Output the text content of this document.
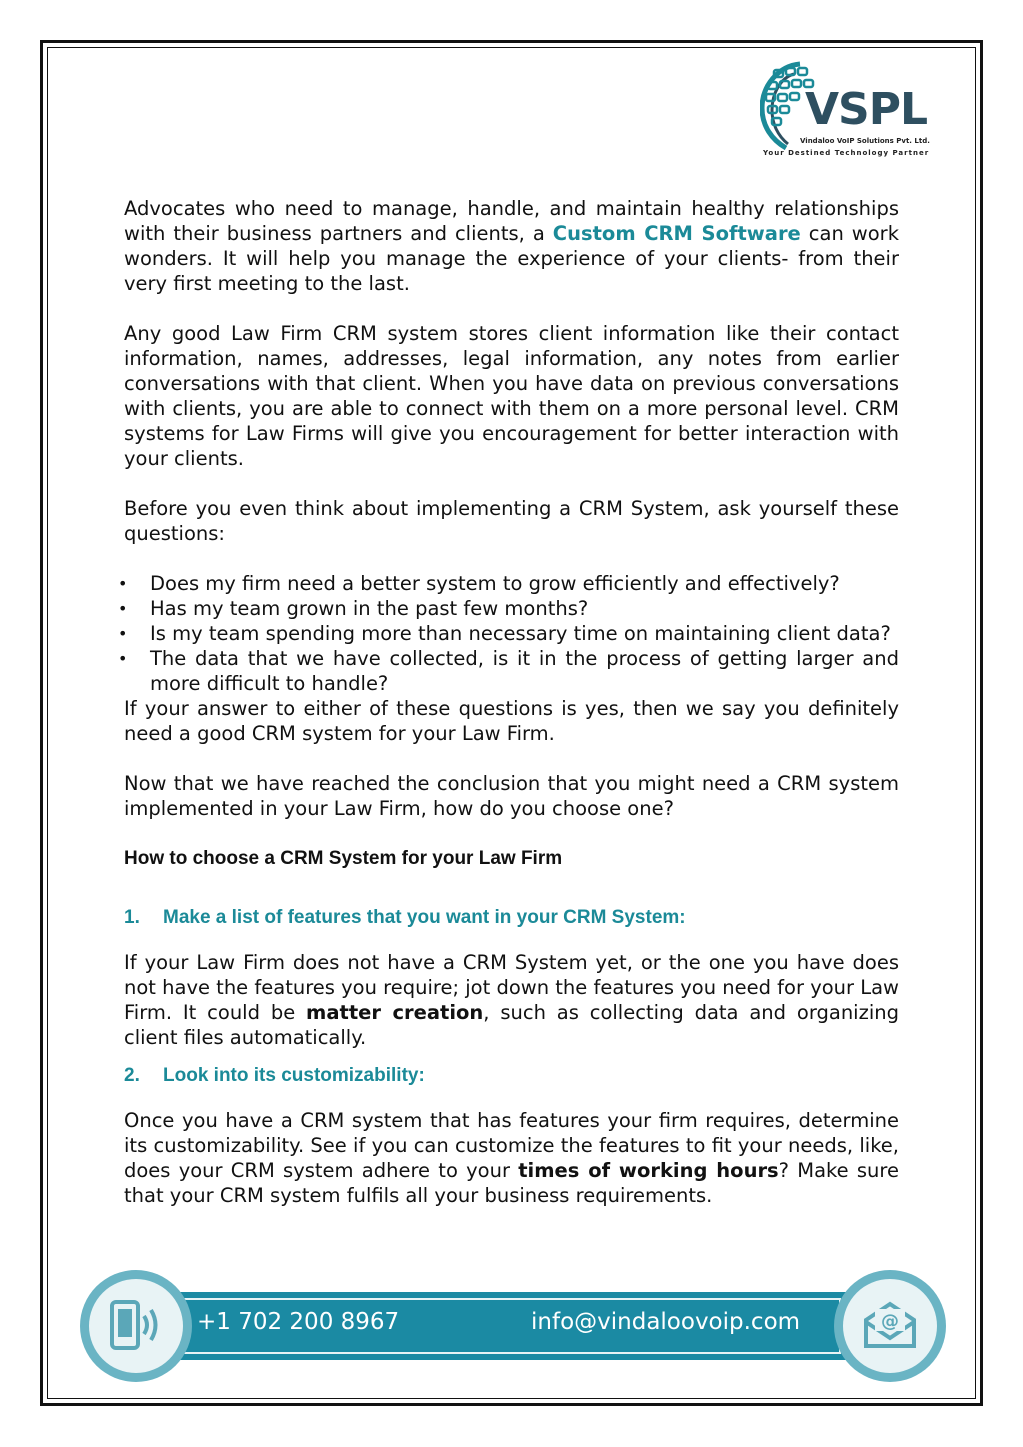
VSPL
Vindaloo VoIP Solutions Pvt. Ltd.
Your Destined Technology Partner

Advocates who need to manage, handle, and maintain healthy relationships with their business partners and clients, a Custom CRM Software can work wonders. It will help you manage the experience of your clients- from their very first meeting to the last.

Any good Law Firm CRM system stores client information like their contact information, names, addresses, legal information, any notes from earlier conversations with that client. When you have data on previous conversations with clients, you are able to connect with them on a more personal level. CRM systems for Law Firms will give you encouragement for better interaction with your clients.

Before you even think about implementing a CRM System, ask yourself these questions:

• Does my firm need a better system to grow efficiently and effectively?
• Has my team grown in the past few months?
• Is my team spending more than necessary time on maintaining client data?
• The data that we have collected, is it in the process of getting larger and more difficult to handle?

If your answer to either of these questions is yes, then we say you definitely need a good CRM system for your Law Firm.

Now that we have reached the conclusion that you might need a CRM system implemented in your Law Firm, how do you choose one?

How to choose a CRM System for your Law Firm

1.	Make a list of features that you want in your CRM System:

If your Law Firm does not have a CRM System yet, or the one you have does not have the features you require; jot down the features you need for your Law Firm. It could be matter creation, such as collecting data and organizing client files automatically.

2.	Look into its customizability:

Once you have a CRM system that has features your firm requires, determine its customizability. See if you can customize the features to fit your needs, like, does your CRM system adhere to your times of working hours? Make sure that your CRM system fulfils all your business requirements.

@
+1 702 200 8967	info@vindaloovoip.com
